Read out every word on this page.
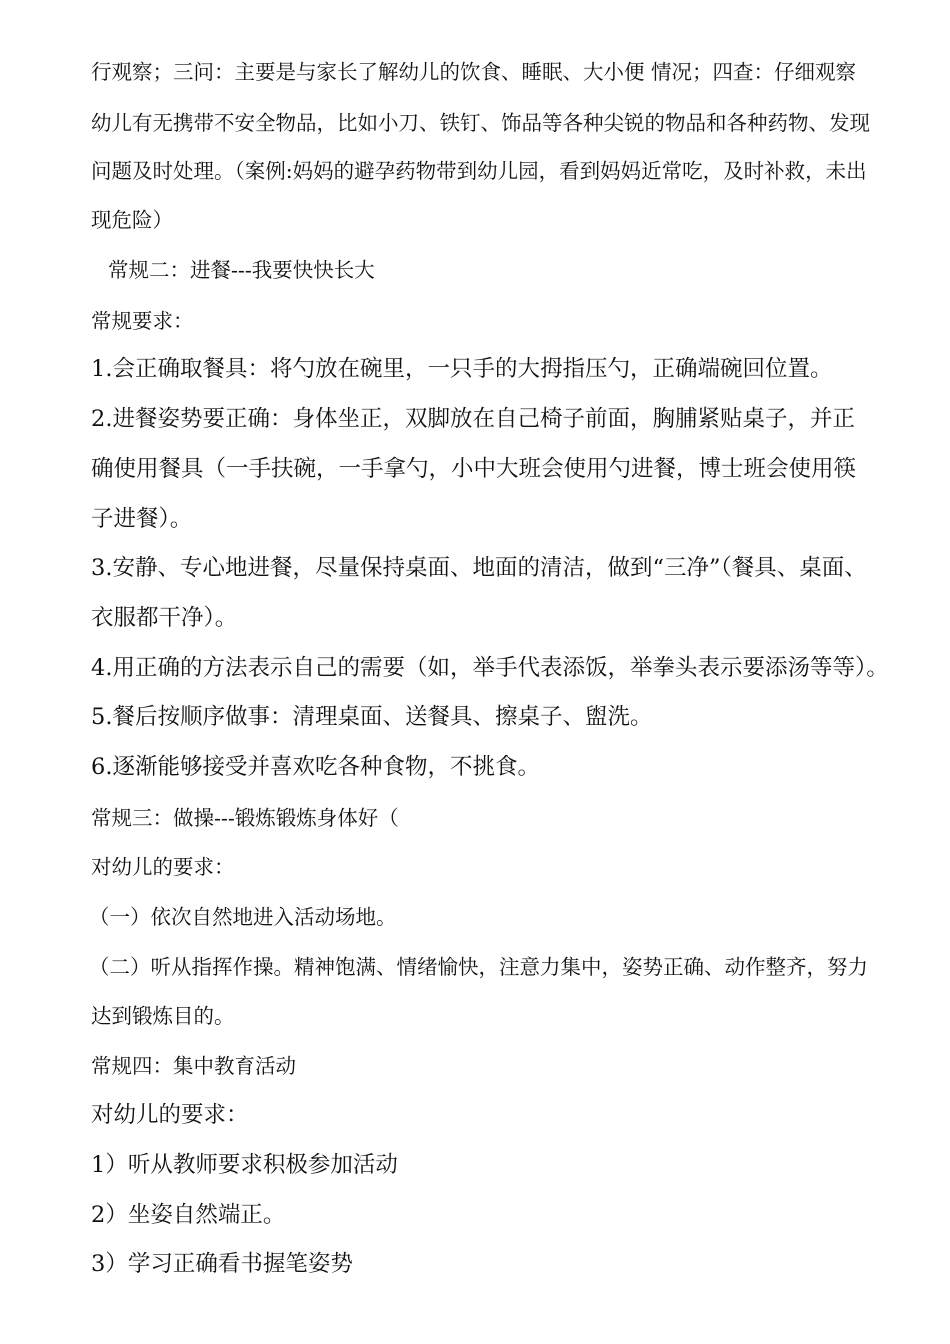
行观察；三问：主要是与家长了解幼儿的饮食、睡眠、大小便 情况；四查：仔细观察
幼儿有无携带不安全物品，比如小刀、铁钉、饰品等各种尖锐的物品和各种药物、发现
问题及时处理。（案例:妈妈的避孕药物带到幼儿园，看到妈妈近常吃，及时补救，未出
现危险）
常规二：进餐---我要快快长大
常规要求：
1.会正确取餐具：将勺放在碗里，一只手的大拇指压勺，正确端碗回位置。
2.进餐姿势要正确：身体坐正，双脚放在自己椅子前面，胸脯紧贴桌子，并正
确使用餐具（一手扶碗，一手拿勺，小中大班会使用勺进餐，博士班会使用筷
子进餐）。
3.安静、专心地进餐，尽量保持桌面、地面的清洁，做到“三净”（餐具、桌面、
衣服都干净）。
4.用正确的方法表示自己的需要（如，举手代表添饭，举拳头表示要添汤等等）。
5.餐后按顺序做事：清理桌面、送餐具、擦桌子、盥洗。
6.逐渐能够接受并喜欢吃各种食物，不挑食。
常规三：做操---锻炼锻炼身体好（
对幼儿的要求：
（一）依次自然地进入活动场地。
（二）听从指挥作操。精神饱满、情绪愉快，注意力集中，姿势正确、动作整齐，努力
达到锻炼目的。
常规四：集中教育活动
对幼儿的要求：
1）听从教师要求积极参加活动
2）坐姿自然端正。
3）学习正确看书握笔姿势
